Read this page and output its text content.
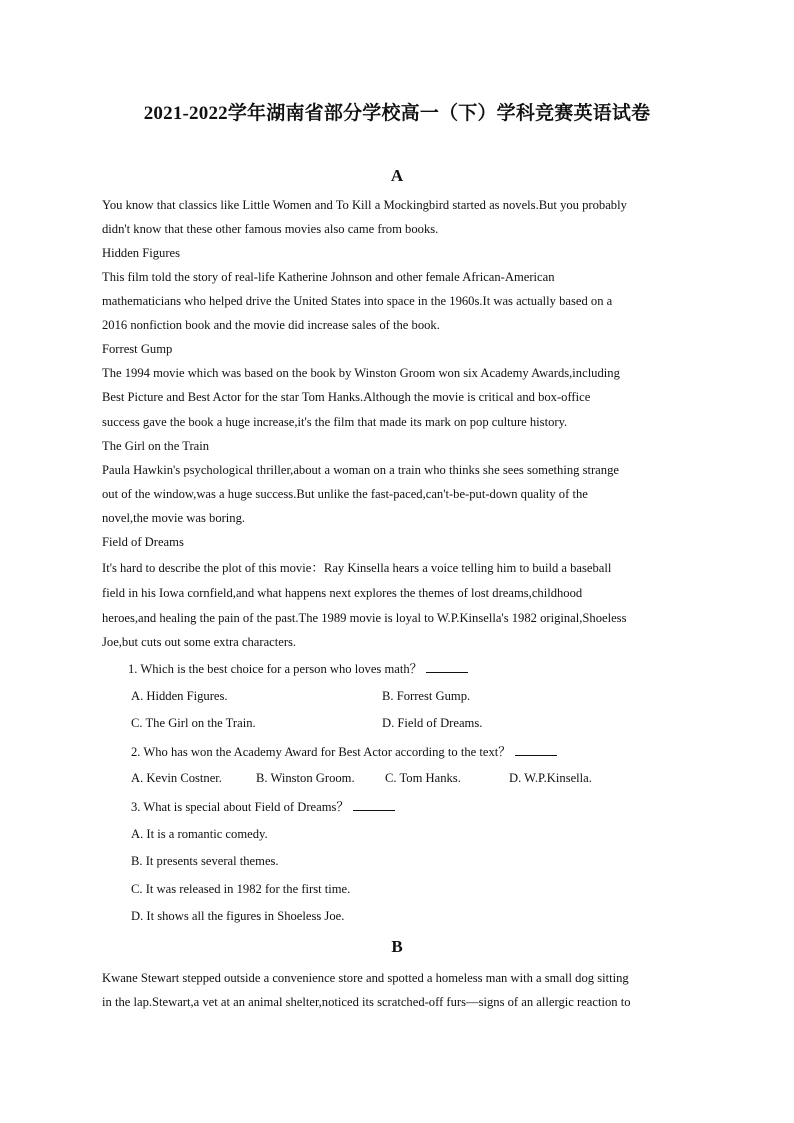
2021-2022学年湖南省部分学校高一（下）学科竞赛英语试卷
A
You know that classics like Little Women and To Kill a Mockingbird started as novels.But you probably
didn't know that these other famous movies also came from books.
Hidden Figures
This film told the story of real-life Katherine Johnson and other female African-American
mathematicians who helped drive the United States into space in the 1960s.It was actually based on a
2016 nonfiction book and the movie did increase sales of the book.
Forrest Gump
The 1994 movie which was based on the book by Winston Groom won six Academy Awards,including
Best Picture and Best Actor for the star Tom Hanks.Although the movie is critical and box-office
success gave the book a huge increase,it's the film that made its mark on pop culture history.
The Girl on the Train
Paula Hawkin's psychological thriller,about a woman on a train who thinks she sees something strange
out of the window,was a huge success.But unlike the fast-paced,can't-be-put-down quality of the
novel,the movie was boring.
Field of Dreams
It's hard to describe the plot of this movie：Ray Kinsella hears a voice telling him to build a baseball
field in his Iowa cornfield,and what happens next explores the themes of lost dreams,childhood
heroes,and healing the pain of the past.The 1989 movie is loyal to W.P.Kinsella's 1982 original,Shoeless
Joe,but cuts out some extra characters.
1. Which is the best choice for a person who loves math？
A. Hidden Figures.	B. Forrest Gump.
C. The Girl on the Train.	D. Field of Dreams.
2. Who has won the Academy Award for Best Actor according to the text？
A. Kevin Costner.	B. Winston Groom. C. Tom Hanks.	D. W.P.Kinsella.
3. What is special about Field of Dreams？
A. It is a romantic comedy.
B. It presents several themes.
C. It was released in 1982 for the first time.
D. It shows all the figures in Shoeless Joe.
B
Kwane Stewart stepped outside a convenience store and spotted a homeless man with a small dog sitting
in the lap.Stewart,a vet at an animal shelter,noticed its scratched-off furs—signs of an allergic reaction to
